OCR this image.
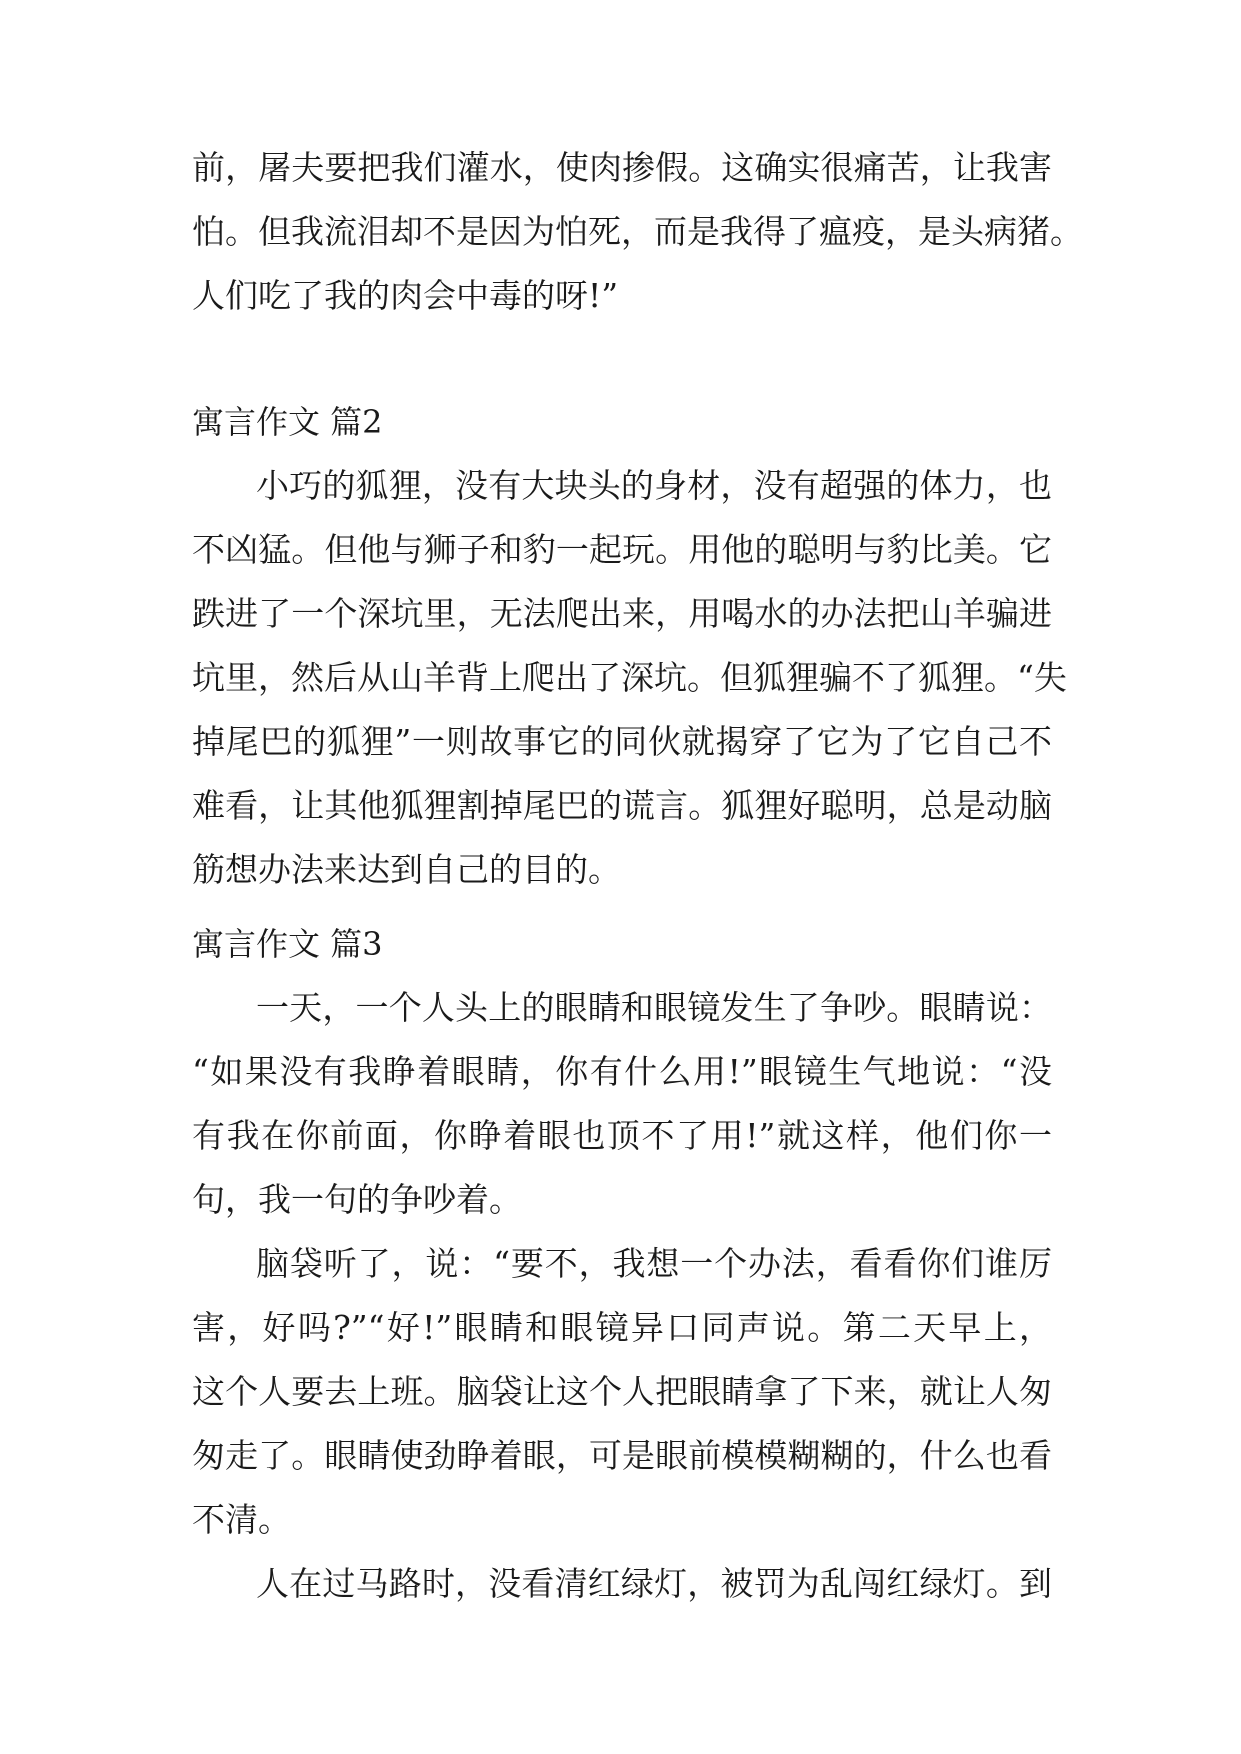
前，屠夫要把我们灌水，使肉掺假。这确实很痛苦，让我害
怕。但我流泪却不是因为怕死，而是我得了瘟疫，是头病猪。
人们吃了我的肉会中毒的呀!”
寓言作文 篇2
小巧的狐狸，没有大块头的身材，没有超强的体力，也
不凶猛。但他与狮子和豹一起玩。用他的聪明与豹比美。它
跌进了一个深坑里，无法爬出来，用喝水的办法把山羊骗进
坑里，然后从山羊背上爬出了深坑。但狐狸骗不了狐狸。“失
掉尾巴的狐狸”一则故事它的同伙就揭穿了它为了它自己不
难看，让其他狐狸割掉尾巴的谎言。狐狸好聪明，总是动脑
筋想办法来达到自己的目的。
寓言作文 篇3
一天，一个人头上的眼睛和眼镜发生了争吵。眼睛说：
“如果没有我睁着眼睛，你有什么用!”眼镜生气地说：“没
有我在你前面，你睁着眼也顶不了用!”就这样，他们你一
句，我一句的争吵着。
脑袋听了，说：“要不，我想一个办法，看看你们谁厉
害，好吗?”“好!”眼睛和眼镜异口同声说。第二天早上，
这个人要去上班。脑袋让这个人把眼睛拿了下来，就让人匆
匆走了。眼睛使劲睁着眼，可是眼前模模糊糊的，什么也看
不清。
人在过马路时，没看清红绿灯，被罚为乱闯红绿灯。到
